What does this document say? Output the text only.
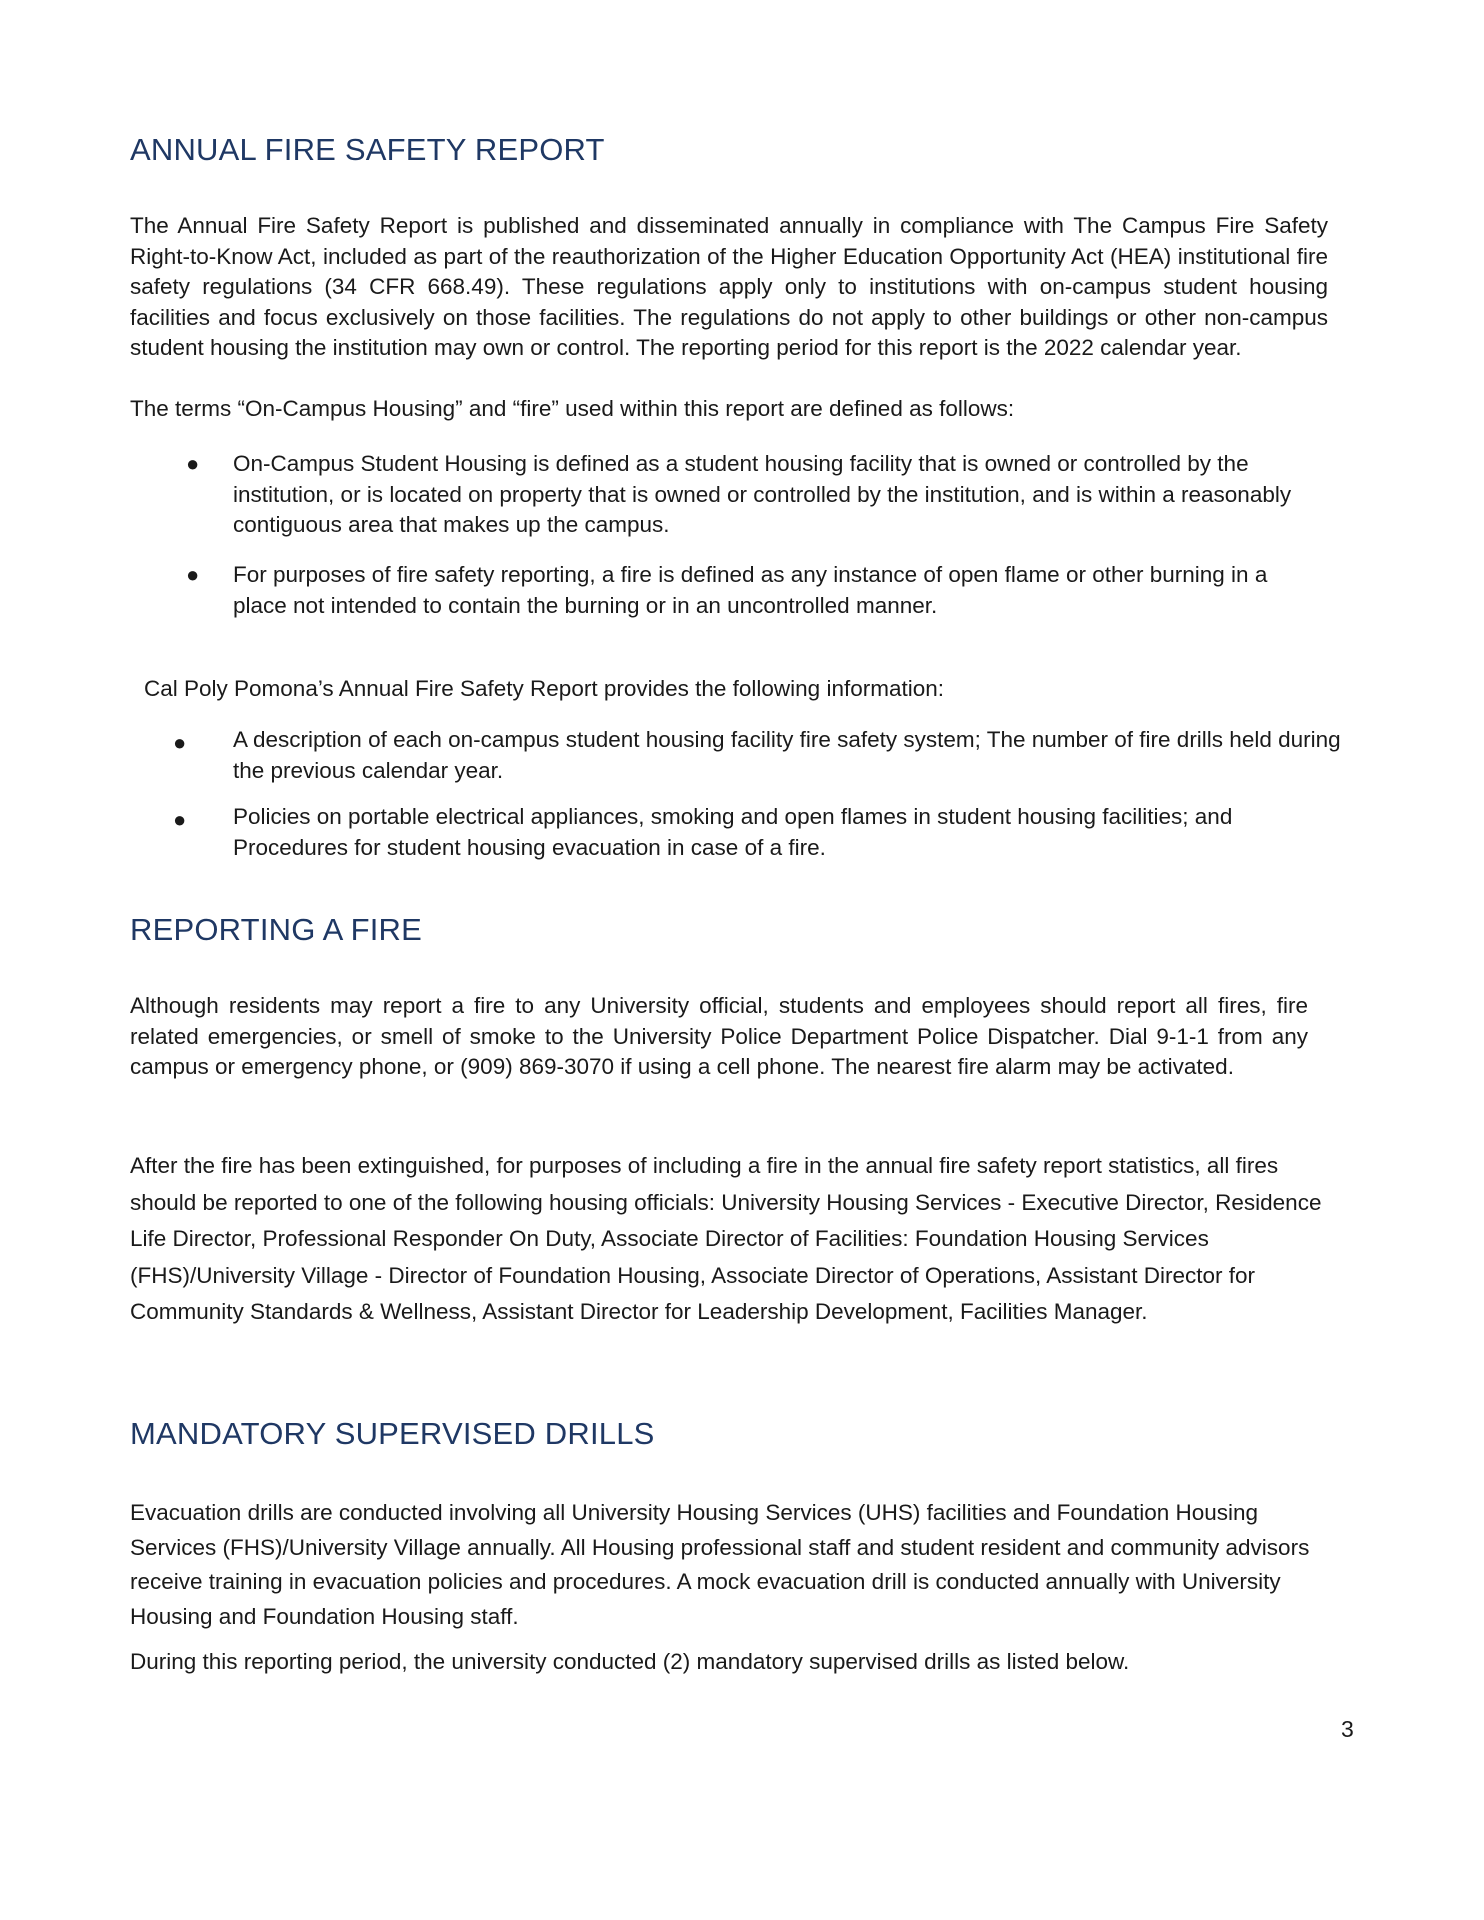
ANNUAL FIRE SAFETY REPORT

The Annual Fire Safety Report is published and disseminated annually in compliance with The Campus Fire Safety Right-to-Know Act, included as part of the reauthorization of the Higher Education Opportunity Act (HEA) institutional fire safety regulations (34 CFR 668.49). These regulations apply only to institutions with on-campus student housing facilities and focus exclusively on those facilities. The regulations do not apply to other buildings or other non-campus student housing the institution may own or control. The reporting period for this report is the 2022 calendar year.

The terms “On-Campus Housing” and “fire” used within this report are defined as follows:

● On-Campus Student Housing is defined as a student housing facility that is owned or controlled by the institution, or is located on property that is owned or controlled by the institution, and is within a reasonably contiguous area that makes up the campus.

● For purposes of fire safety reporting, a fire is defined as any instance of open flame or other burning in a place not intended to contain the burning or in an uncontrolled manner.

Cal Poly Pomona’s Annual Fire Safety Report provides the following information:

● A description of each on-campus student housing facility fire safety system; The number of fire drills held during the previous calendar year.

● Policies on portable electrical appliances, smoking and open flames in student housing facilities; and Procedures for student housing evacuation in case of a fire.

REPORTING A FIRE

Although residents may report a fire to any University official, students and employees should report all fires, fire related emergencies, or smell of smoke to the University Police Department Police Dispatcher. Dial 9-1-1 from any campus or emergency phone, or (909) 869-3070 if using a cell phone. The nearest fire alarm may be activated.

After the fire has been extinguished, for purposes of including a fire in the annual fire safety report statistics, all fires should be reported to one of the following housing officials: University Housing Services - Executive Director, Residence Life Director, Professional Responder On Duty, Associate Director of Facilities: Foundation Housing Services (FHS)/University Village - Director of Foundation Housing, Associate Director of Operations, Assistant Director for Community Standards & Wellness, Assistant Director for Leadership Development, Facilities Manager.

MANDATORY SUPERVISED DRILLS

Evacuation drills are conducted involving all University Housing Services (UHS) facilities and Foundation Housing Services (FHS)/University Village annually. All Housing professional staff and student resident and community advisors receive training in evacuation policies and procedures. A mock evacuation drill is conducted annually with University Housing and Foundation Housing staff.

During this reporting period, the university conducted (2) mandatory supervised drills as listed below.

3
